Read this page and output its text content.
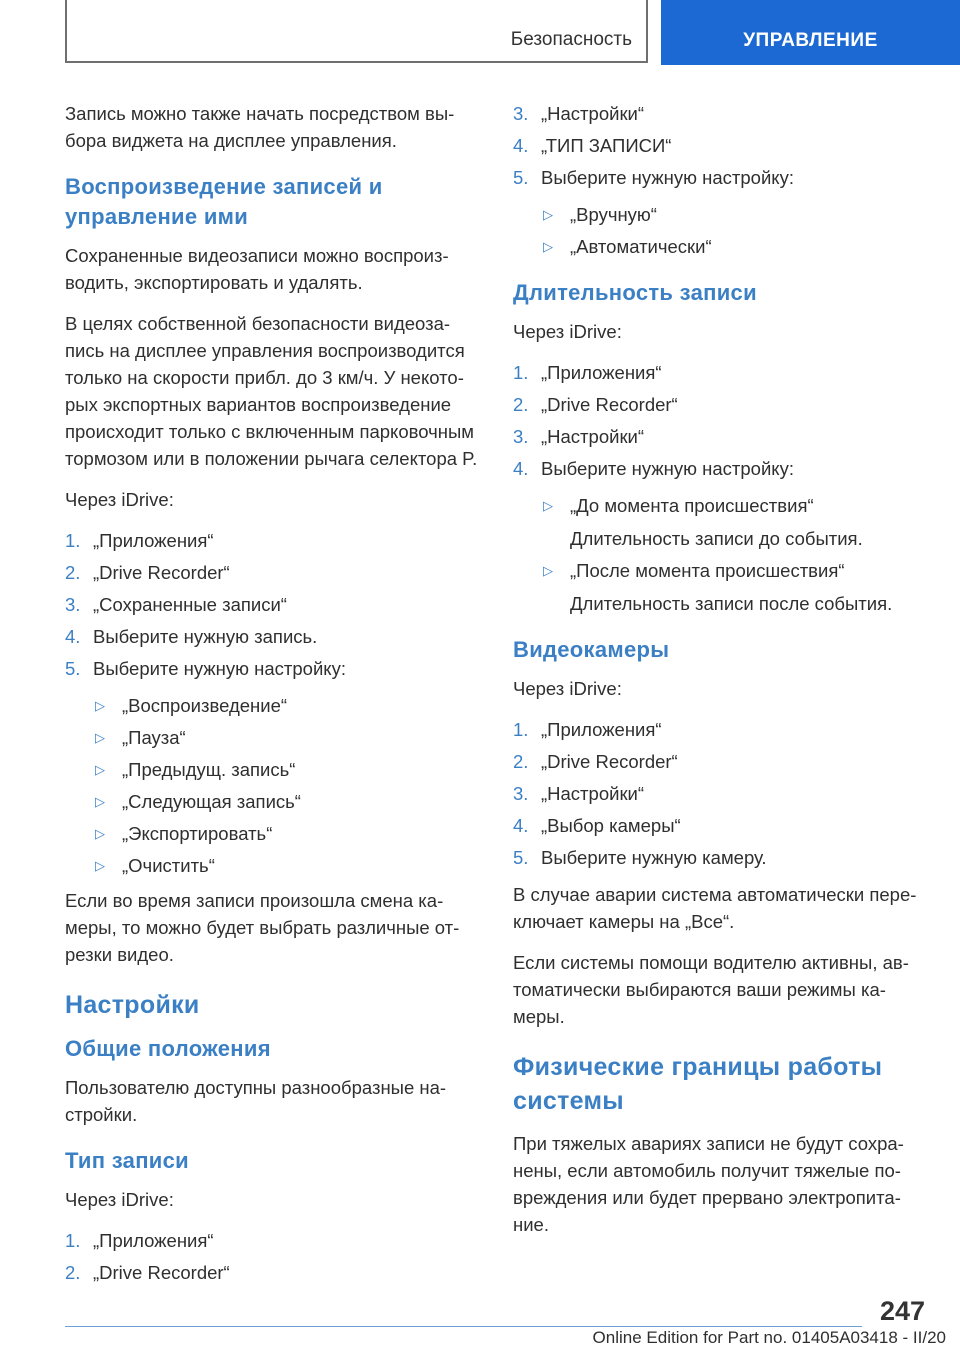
Безопасность	УПРАВЛЕНИЕ

Запись можно также начать посредством выбора виджета на дисплее управления.

Воспроизведение записей и управление ими

Сохраненные видеозаписи можно воспроизводить, экспортировать и удалять.

В целях собственной безопасности видеозапись на дисплее управления воспроизводится только на скорости прибл. до 3 км/ч. У некоторых экспортных вариантов воспроизведение происходит только с включенным парковочным тормозом или в положении рычага селектора P.

Через iDrive:

1. „Приложения“
2. „Drive Recorder“
3. „Сохраненные записи“
4. Выберите нужную запись.
5. Выберите нужную настройку:
▷ „Воспроизведение“
▷ „Пауза“
▷ „Предыдущ. запись“
▷ „Следующая запись“
▷ „Экспортировать“
▷ „Очистить“

Если во время записи произошла смена камеры, то можно будет выбрать различные отрезки видео.

Настройки
Общие положения

Пользователю доступны разнообразные настройки.

Тип записи

Через iDrive:

1. „Приложения“
2. „Drive Recorder“
3. „Настройки“
4. „ТИП ЗАПИСИ“
5. Выберите нужную настройку:
▷ „Вручную“
▷ „Автоматически“
Длительность записи

Через iDrive:

1. „Приложения“
2. „Drive Recorder“
3. „Настройки“
4. Выберите нужную настройку:
▷ „До момента происшествия“
Длительность записи до события.
▷ „После момента происшествия“
Длительность записи после события.
Видеокамеры

Через iDrive:

1. „Приложения“
2. „Drive Recorder“
3. „Настройки“
4. „Выбор камеры“
5. Выберите нужную камеру.

В случае аварии система автоматически переключает камеры на „Все“.

Если системы помощи водителю активны, автоматически выбираются ваши режимы камеры.

Физические границы работы системы

При тяжелых авариях записи не будут сохранены, если автомобиль получит тяжелые повреждения или будет прервано электропитание.

247
Online Edition for Part no. 01405A03418 - II/20
